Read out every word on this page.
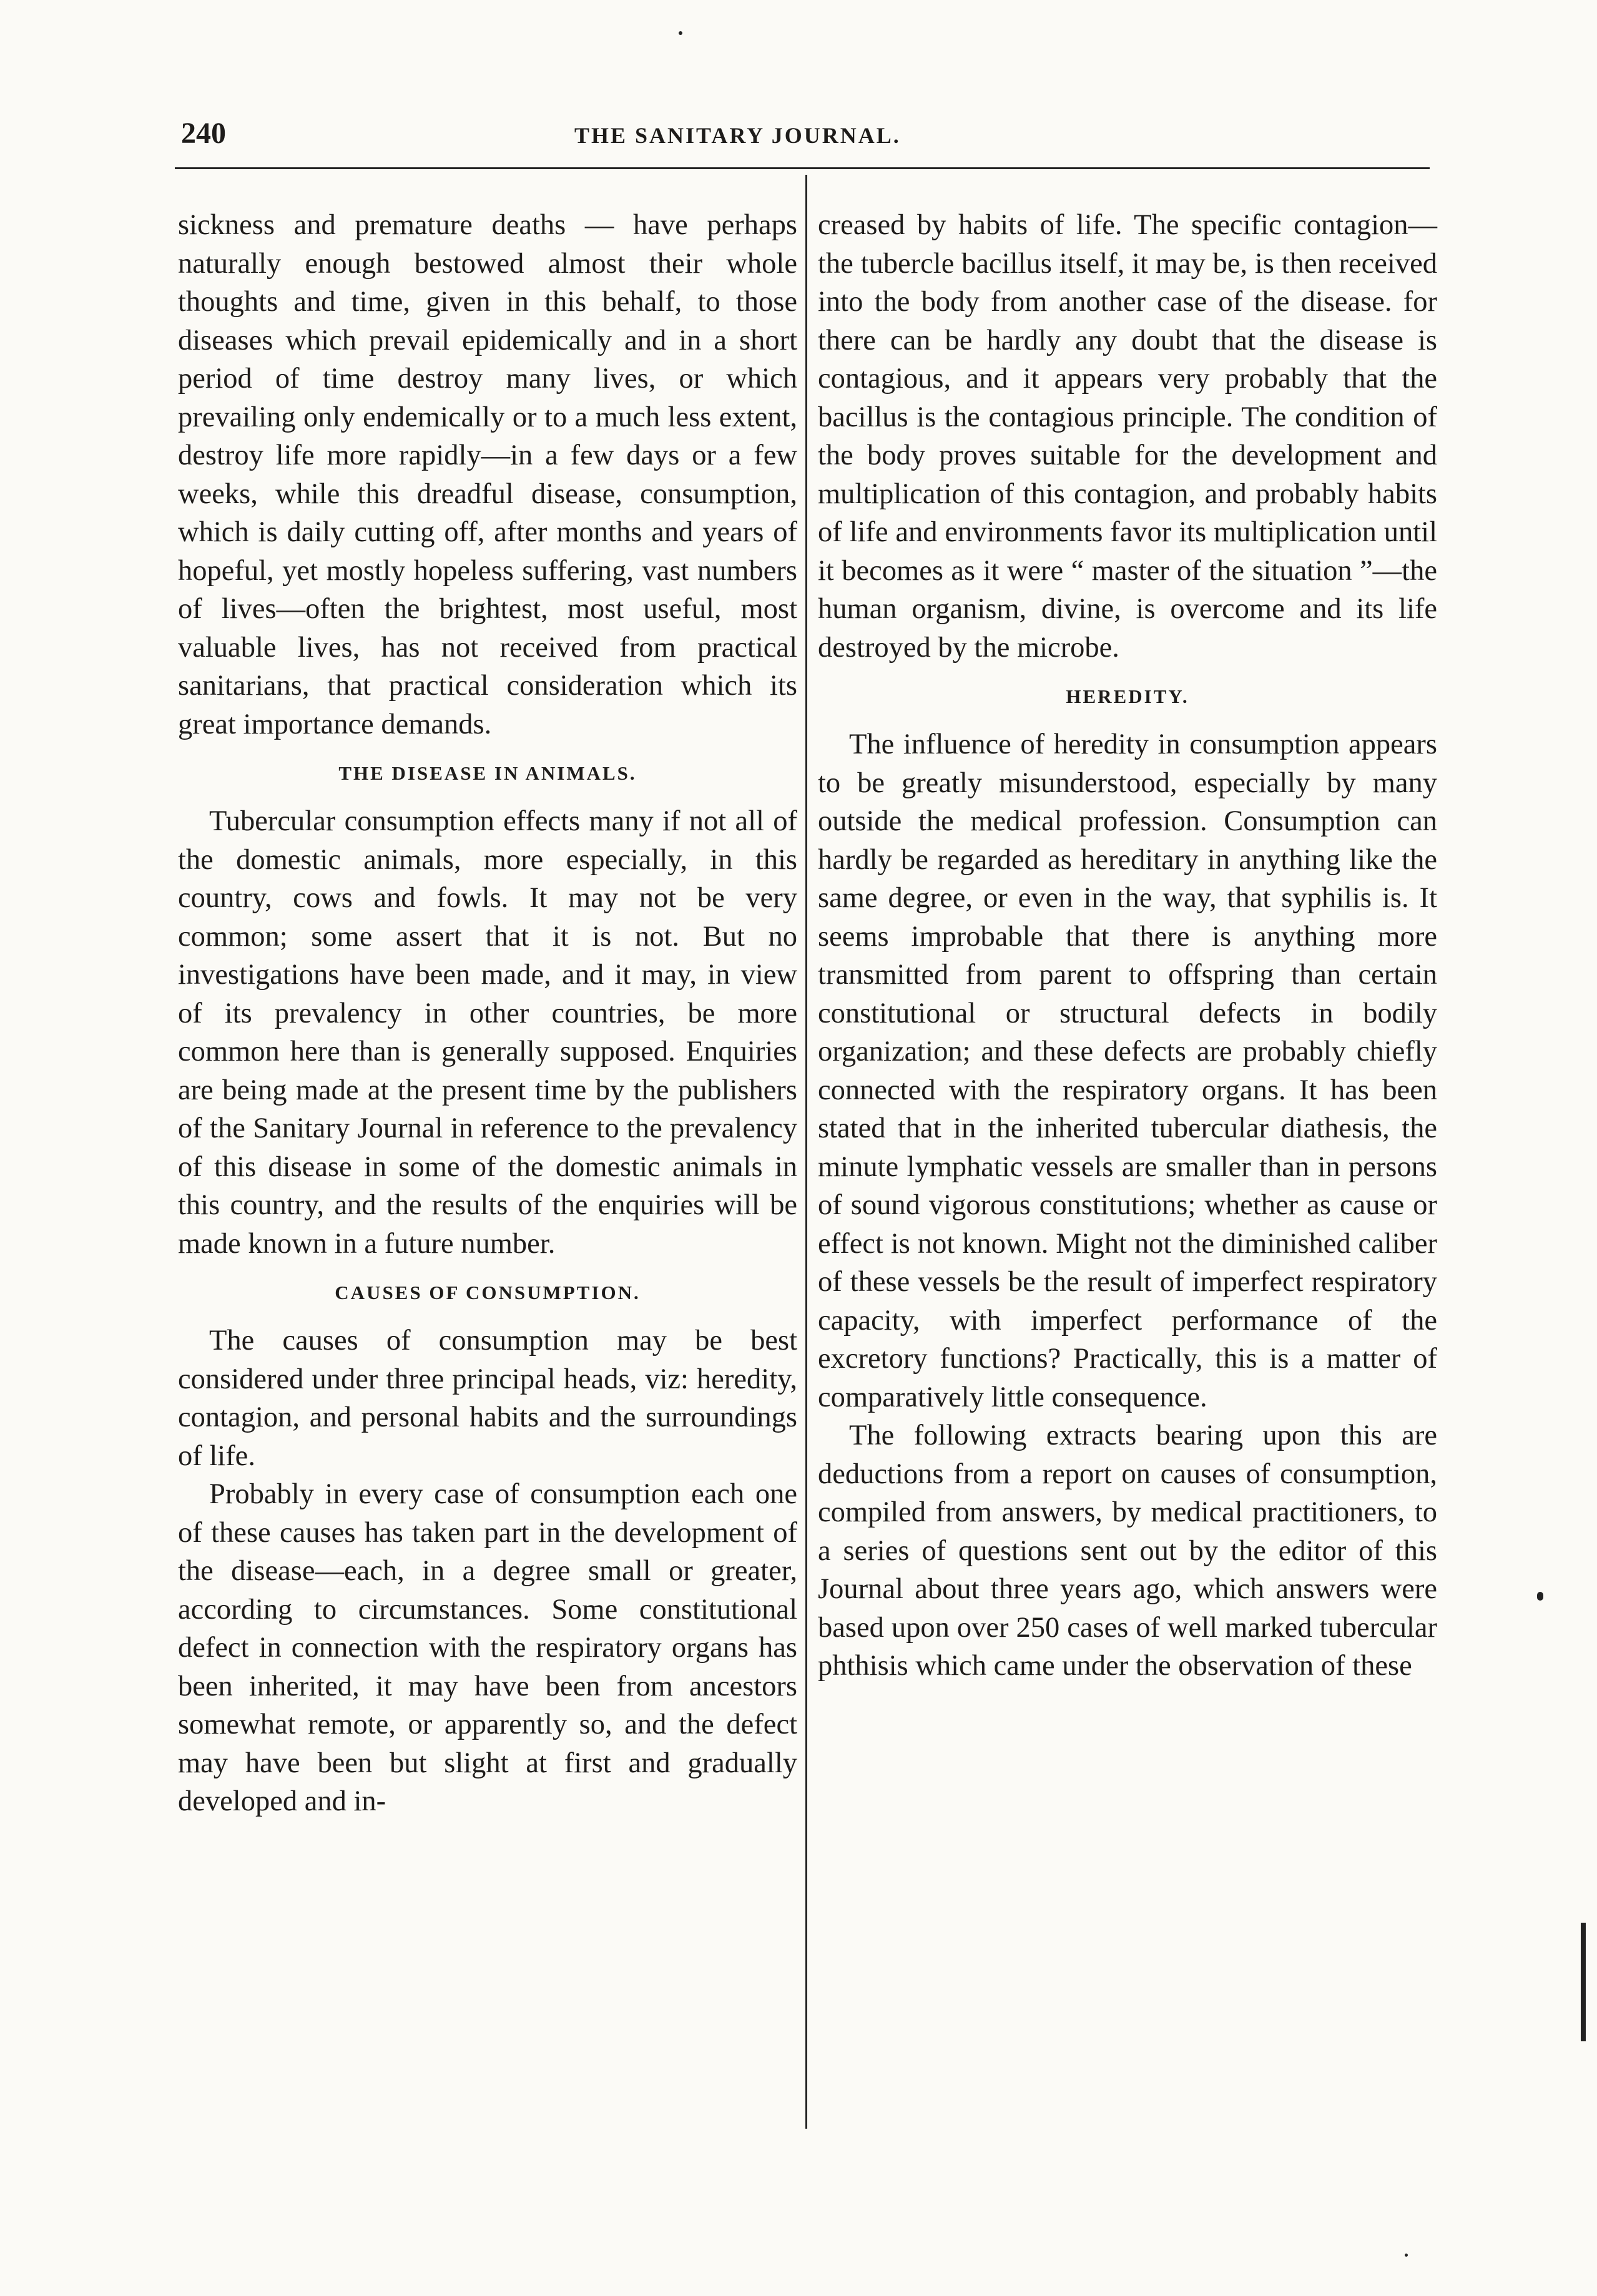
240	THE SANITARY JOURNAL.

sickness and premature deaths — have perhaps naturally enough bestowed almost their whole thoughts and time, given in this behalf, to those diseases which prevail epidemically and in a short period of time destroy many lives, or which prevailing only endemically or to a much less extent, destroy life more rapidly—in a few days or a few weeks, while this dreadful disease, consumption, which is daily cutting off, after months and years of hopeful, yet mostly hopeless suffering, vast numbers of lives—often the brightest, most useful, most valuable lives, has not received from practical sanitarians, that practical consideration which its great importance demands.

THE DISEASE IN ANIMALS.

Tubercular consumption effects many if not all of the domestic animals, more especially, in this country, cows and fowls. It may not be very common; some assert that it is not. But no investigations have been made, and it may, in view of its prevalency in other countries, be more common here than is generally supposed. Enquiries are being made at the present time by the publishers of the Sanitary Journal in reference to the prevalency of this disease in some of the domestic animals in this country, and the results of the enquiries will be made known in a future number.

CAUSES OF CONSUMPTION.

The causes of consumption may be best considered under three principal heads, viz: heredity, contagion, and personal habits and the surroundings of life.

Probably in every case of consumption each one of these causes has taken part in the development of the disease—each, in a degree small or greater, according to circumstances. Some constitutional defect in connection with the respiratory organs has been inherited, it may have been from ancestors somewhat remote, or apparently so, and the defect may have been but slight at first and gradually developed and in-

creased by habits of life. The specific contagion—the tubercle bacillus itself, it may be, is then received into the body from another case of the disease. for there can be hardly any doubt that the disease is contagious, and it appears very probably that the bacillus is the contagious principle. The condition of the body proves suitable for the development and multiplication of this contagion, and probably habits of life and environments favor its multiplication until it becomes as it were “ master of the situation ”—the human organism, divine, is overcome and its life destroyed by the microbe.

HEREDITY.

The influence of heredity in consumption appears to be greatly misunderstood, especially by many outside the medical profession. Consumption can hardly be regarded as hereditary in anything like the same degree, or even in the way, that syphilis is. It seems improbable that there is anything more transmitted from parent to offspring than certain constitutional or structural defects in bodily organization; and these defects are probably chiefly connected with the respiratory organs. It has been stated that in the inherited tubercular diathesis, the minute lymphatic vessels are smaller than in persons of sound vigorous constitutions; whether as cause or effect is not known. Might not the diminished caliber of these vessels be the result of imperfect respiratory capacity, with imperfect performance of the excretory functions? Practically, this is a matter of comparatively little consequence.

The following extracts bearing upon this are deductions from a report on causes of consumption, compiled from answers, by medical practitioners, to a series of questions sent out by the editor of this Journal about three years ago, which answers were based upon over 250 cases of well marked tubercular phthisis which came under the observation of these
